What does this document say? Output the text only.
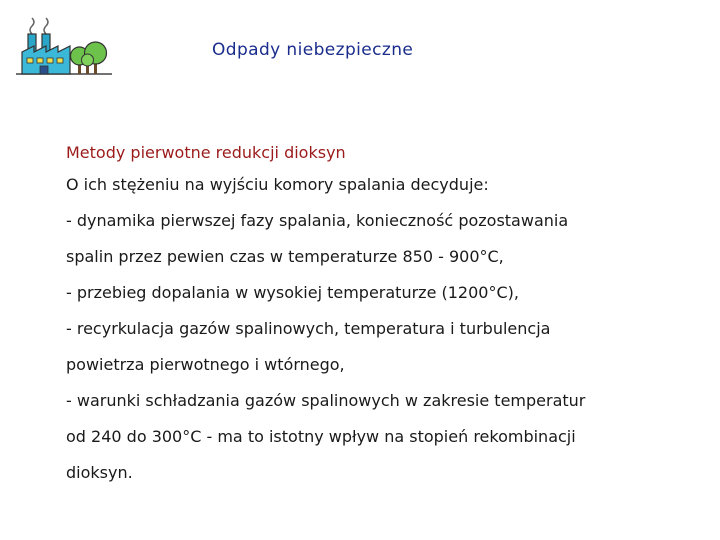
Odpady niebezpieczne
Metody pierwotne redukcji dioksyn
O ich stężeniu na wyjściu komory spalania decyduje:
- dynamika pierwszej fazy spalania, konieczność pozostawania
spalin przez pewien czas w temperaturze 850 - 900°C,
- przebieg dopalania w wysokiej temperaturze (1200°C),
- recyrkulacja gazów spalinowych, temperatura i turbulencja
powietrza pierwotnego i wtórnego,
- warunki schładzania gazów spalinowych w zakresie temperatur
od 240 do 300°C - ma to istotny wpływ na stopień rekombinacji
dioksyn.
